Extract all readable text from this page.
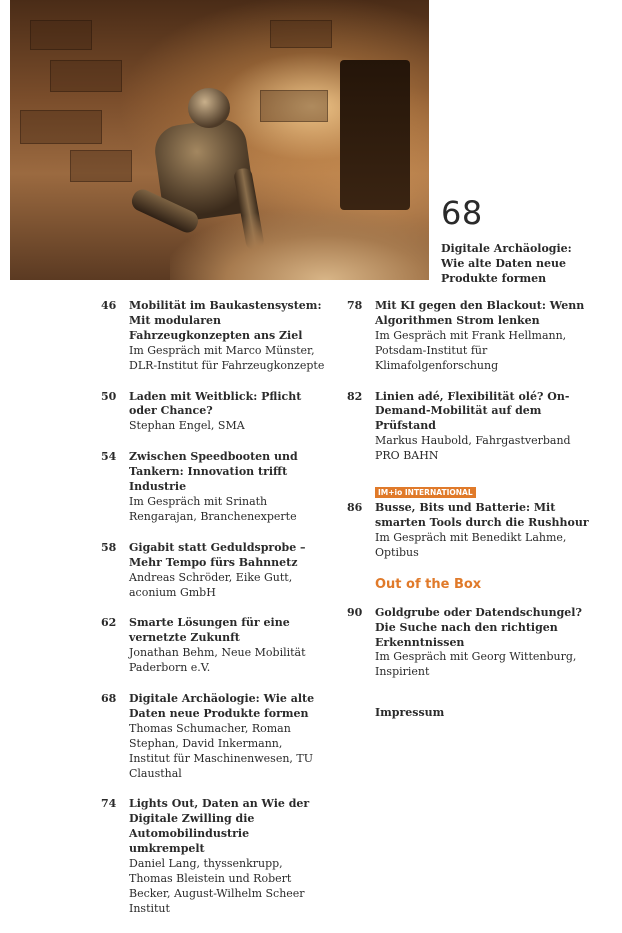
© Adobe Stock | 1096175771 | Atonu	68
Digitale Archäologie: Wie alte Daten neue Produkte formen
46 Mobilität im Baukastensystem: Mit modularen Fahrzeugkonzepten ans Ziel
Im Gespräch mit Marco Münster, DLR-Institut für Fahrzeugkonzepte
50 Laden mit Weitblick: Pflicht oder Chance?
Stephan Engel, SMA
54 Zwischen Speedbooten und Tankern: Innovation trifft Industrie
Im Gespräch mit Srinath Rengarajan, Branchenexperte
58 Gigabit statt Geduldsprobe – Mehr Tempo fürs Bahnnetz
Andreas Schröder, Eike Gutt, aconium GmbH
62 Smarte Lösungen für eine vernetzte Zukunft
Jonathan Behm, Neue Mobilität Paderborn e.V.
68 Digitale Archäologie: Wie alte Daten neue Produkte formen
Thomas Schumacher, Roman Stephan, David Inkermann, Institut für Maschinenwesen, TU Clausthal
74 Lights Out, Daten an Wie der Digitale Zwilling die Automobilindustrie umkrempelt
Daniel Lang, thyssenkrupp, Thomas Bleistein und Robert Becker, August-Wilhelm Scheer Institut
78 Mit KI gegen den Blackout: Wenn Algorithmen Strom lenken
Im Gespräch mit Frank Hellmann, Potsdam-Institut für Klimafolgenforschung
82 Linien adé, Flexibilität olé? On-Demand-Mobilität auf dem Prüfstand
Markus Haubold, Fahrgastverband PRO BAHN
IM+io INTERNATIONAL
86 Busse, Bits und Batterie: Mit smarten Tools durch die Rushhour
Im Gespräch mit Benedikt Lahme, Optibus
Out of the Box
90 Goldgrube oder Datendschungel? Die Suche nach den richtigen Erkenntnissen
Im Gespräch mit Georg Wittenburg, Inspirient
Impressum
